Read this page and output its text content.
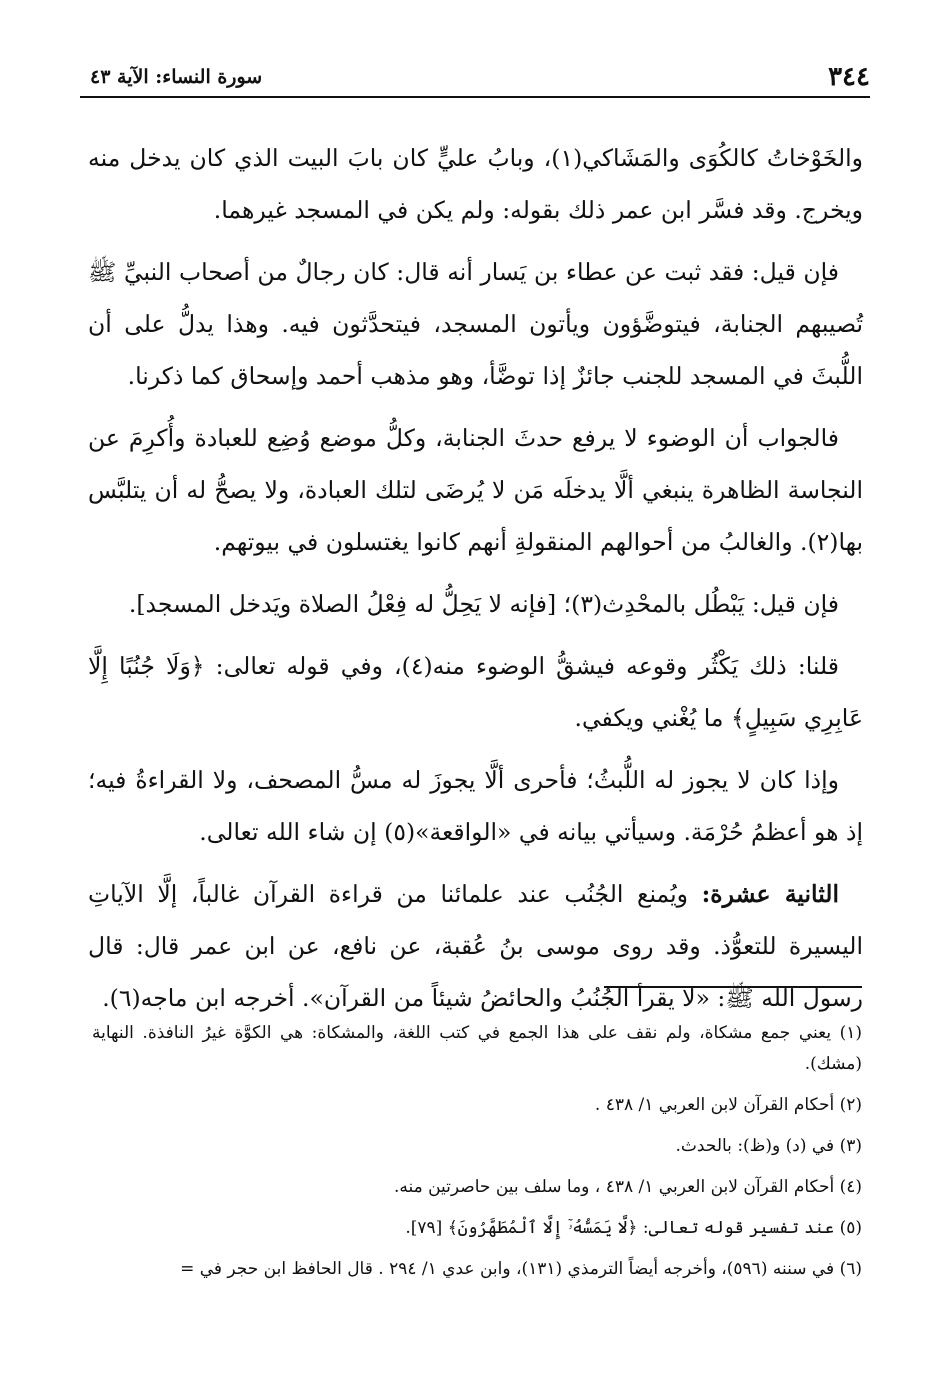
٣٤٤
سورة النساء: الآية ٤٣

والخَوْخاتُ كالكُوَى والمَشَاكي(١)، وبابُ عليٍّ كان بابَ البيت الذي كان يدخل منه ويخرج. وقد فسَّر ابن عمر ذلك بقوله: ولم يكن في المسجد غيرهما.

فإن قيل: فقد ثبت عن عطاء بن يَسار أنه قال: كان رجالٌ من أصحاب النبيِّ ﷺ تُصيبهم الجنابة، فيتوضَّؤون ويأتون المسجد، فيتحدَّثون فيه. وهذا يدلُّ على أن اللُّبثَ في المسجد للجنب جائزٌ إذا توضَّأ، وهو مذهب أحمد وإسحاق كما ذكرنا.

فالجواب أن الوضوء لا يرفع حدثَ الجنابة، وكلُّ موضع وُضِع للعبادة وأُكرِمَ عن النجاسة الظاهرة ينبغي ألَّا يدخلَه مَن لا يُرضَى لتلك العبادة، ولا يصحُّ له أن يتلبَّس بها(٢). والغالبُ من أحوالهم المنقولةِ أنهم كانوا يغتسلون في بيوتهم.

فإن قيل: يَبْطُل بالمحْدِث(٣)؛ [فإنه لا يَحِلُّ له فِعْلُ الصلاة ويَدخل المسجد].

قلنا: ذلك يَكْثُر وقوعه فيشقُّ الوضوء منه(٤)، وفي قوله تعالى: ﴿وَلَا جُنُبًا إِلَّا عَابِرِي سَبِيلٍ﴾ ما يُغْني ويكفي.

وإذا كان لا يجوز له اللُّبثُ؛ فأحرى ألَّا يجوزَ له مسُّ المصحف، ولا القراءةُ فيه؛ إذ هو أعظمُ حُرْمَة. وسيأتي بيانه في «الواقعة»(٥) إن شاء الله تعالى.

الثانية عشرة: ويُمنع الجُنُب عند علمائنا من قراءة القرآن غالباً، إلَّا الآياتِ اليسيرة للتعوُّذ. وقد روى موسى بنُ عُقبة، عن نافع، عن ابن عمر قال: قال رسول الله ﷺ: «لا يقرأ الجُنُبُ والحائضُ شيئاً من القرآن». أخرجه ابن ماجه(٦).

(١) يعني جمع مشكاة، ولم نقف على هذا الجمع في كتب اللغة، والمشكاة: هي الكوَّة غيرُ النافذة. النهاية (مشك).

(٢) أحكام القرآن لابن العربي ١/ ٤٣٨ .

(٣) في (د) و(ظ): بالحدث.

(٤) أحكام القرآن لابن العربي ١/ ٤٣٨ ، وما سلف بين حاصرتين منه.

(٥) عند تفسير قوله تعالى: ﴿لَّا يَمَسُّهُۥٓ إِلَّا ٱلْمُطَهَّرُونَ﴾ [٧٩].

(٦) في سننه (٥٩٦)، وأخرجه أيضاً الترمذي (١٣١)، وابن عدي ١/ ٢٩٤ . قال الحافظ ابن حجر في =
